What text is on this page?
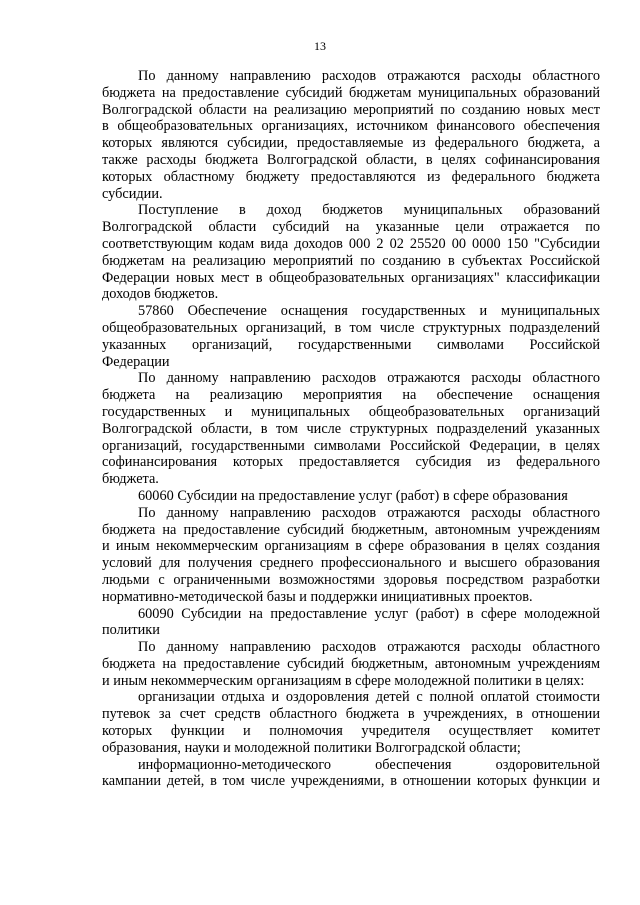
13
По данному направлению расходов отражаются расходы областного
бюджета на предоставление субсидий бюджетам муниципальных образований
Волгоградской области на реализацию мероприятий по созданию новых мест
в общеобразовательных организациях, источником финансового обеспечения
которых являются субсидии, предоставляемые из федерального бюджета, а
также расходы бюджета Волгоградской области, в целях софинансирования
которых областному бюджету предоставляются из федерального бюджета
субсидии.
Поступление в доход бюджетов муниципальных образований
Волгоградской области субсидий на указанные цели отражается по
соответствующим кодам вида доходов 000 2 02 25520 00 0000 150 "Субсидии
бюджетам на реализацию мероприятий по созданию в субъектах Российской
Федерации новых мест в общеобразовательных организациях" классификации
доходов бюджетов.
57860 Обеспечение оснащения государственных и муниципальных
общеобразовательных организаций, в том числе структурных подразделений
указанных организаций, государственными символами Российской
Федерации
По данному направлению расходов отражаются расходы областного
бюджета на реализацию мероприятия на обеспечение оснащения
государственных и муниципальных общеобразовательных организаций
Волгоградской области, в том числе структурных подразделений указанных
организаций, государственными символами Российской Федерации, в целях
софинансирования которых предоставляется субсидия из федерального
бюджета.
60060 Субсидии на предоставление услуг (работ) в сфере образования
По данному направлению расходов отражаются расходы областного
бюджета на предоставление субсидий бюджетным, автономным учреждениям
и иным некоммерческим организациям в сфере образования в целях создания
условий для получения среднего профессионального и высшего образования
людьми с ограниченными возможностями здоровья посредством разработки
нормативно-методической базы и поддержки инициативных проектов.
60090 Субсидии на предоставление услуг (работ) в сфере молодежной
политики
По данному направлению расходов отражаются расходы областного
бюджета на предоставление субсидий бюджетным, автономным учреждениям
и иным некоммерческим организациям в сфере молодежной политики в целях:
организации отдыха и оздоровления детей с полной оплатой стоимости
путевок за счет средств областного бюджета в учреждениях, в отношении
которых функции и полномочия учредителя осуществляет комитет
образования, науки и молодежной политики Волгоградской области;
информационно-методического обеспечения оздоровительной
кампании детей, в том числе учреждениями, в отношении которых функции и
